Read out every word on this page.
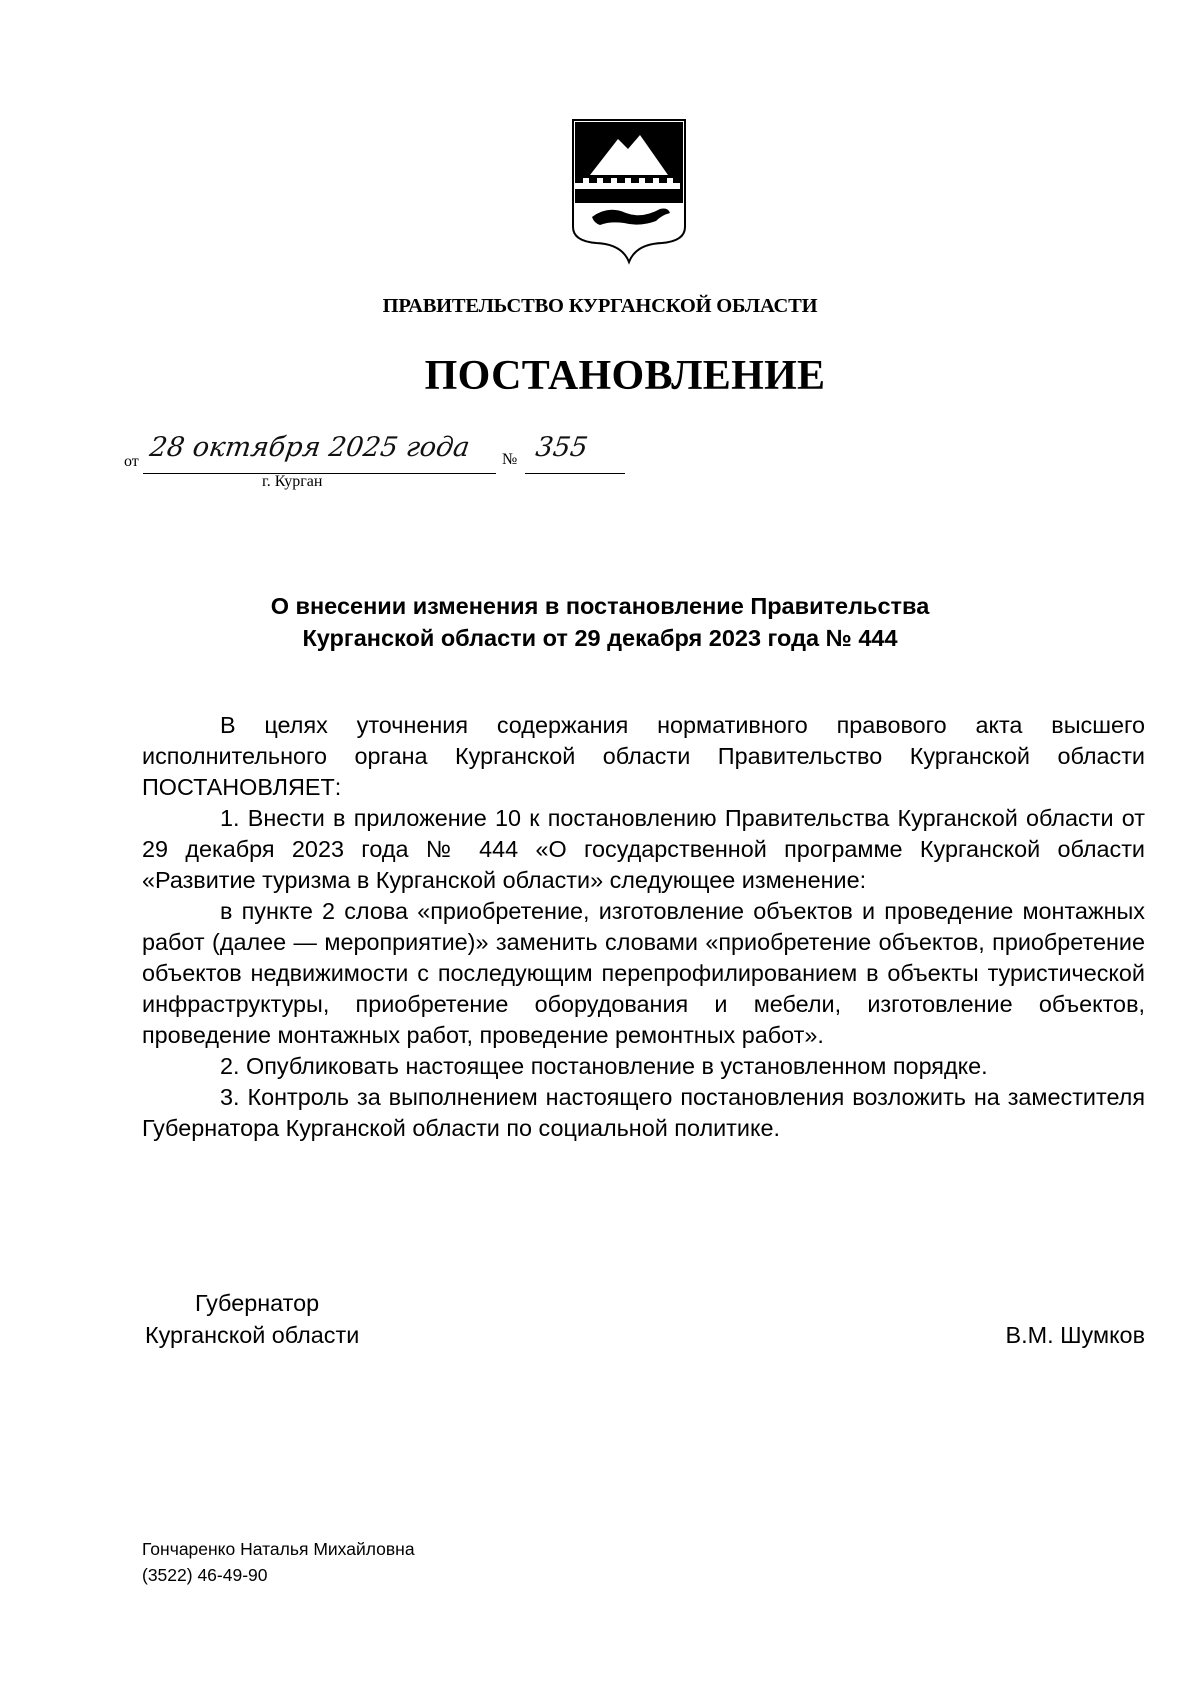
ПРАВИТЕЛЬСТВО КУРГАНСКОЙ ОБЛАСТИ
ПОСТАНОВЛЕНИЕ
от 28 октября 2025 года № 355
г. Курган
О внесении изменения в постановление Правительства
Курганской области от 29 декабря 2023 года № 444

В целях уточнения содержания нормативного правового акта высшего исполнительного органа Курганской области Правительство Курганской области ПОСТАНОВЛЯЕТ:

1. Внести в приложение 10 к постановлению Правительства Курганской области от 29 декабря 2023 года № 444 «О государственной программе Курганской области «Развитие туризма в Курганской области» следующее изменение:

в пункте 2 слова «приобретение, изготовление объектов и проведение монтажных работ (далее — мероприятие)» заменить словами «приобретение объектов, приобретение объектов недвижимости с последующим перепрофилированием в объекты туристической инфраструктуры, приобретение оборудования и мебели, изготовление объектов, проведение монтажных работ, проведение ремонтных работ».

2. Опубликовать настоящее постановление в установленном порядке.

3. Контроль за выполнением настоящего постановления возложить на заместителя Губернатора Курганской области по социальной политике.

Губернатор
Курганской области	В.М. Шумков
Гончаренко Наталья Михайловна
(3522) 46-49-90
